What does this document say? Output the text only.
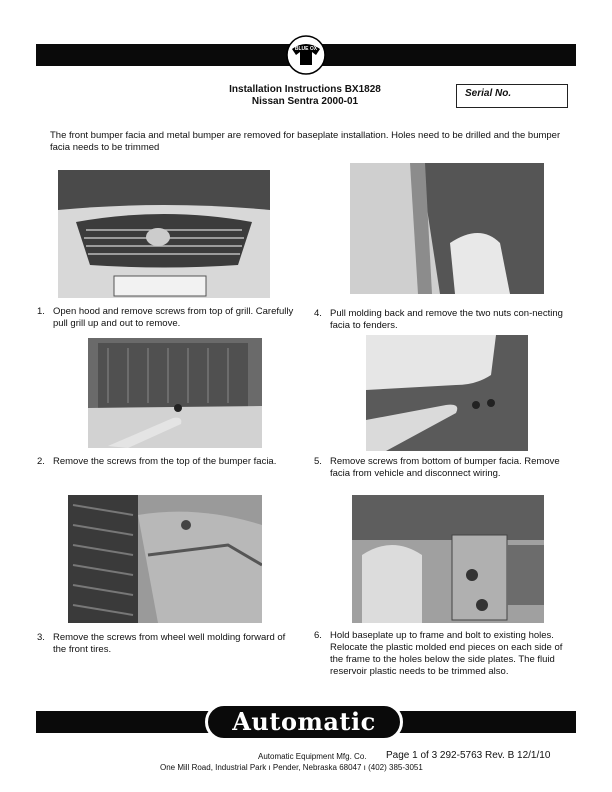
BLUE OX
Installation Instructions BX1828
Nissan Sentra 2000-01
Serial No.
The front bumper facia and metal bumper are removed for baseplate installation. Holes need to be drilled and the bumper facia needs to be trimmed
1. Open hood and remove screws from top of grill. Carefully pull grill up and out to remove.
2. Remove the screws from the top of the bumper facia.
3. Remove the screws from wheel well molding forward of the front tires.
4. Pull molding back and remove the two nuts con-necting facia to fenders.
5. Remove screws from bottom of bumper facia. Remove facia from vehicle and disconnect wiring.
6. Hold baseplate up to frame and bolt to existing holes. Relocate the plastic molded end pieces on each side of the frame to the holes below the side plates. The fluid reservoir plastic needs to be trimmed also.
Automatic
Automatic Equipment Mfg. Co. Page 1 of 3 292-5763 Rev. B 12/1/10
One Mill Road, Industrial Park ı Pender, Nebraska 68047 ı (402) 385-3051
